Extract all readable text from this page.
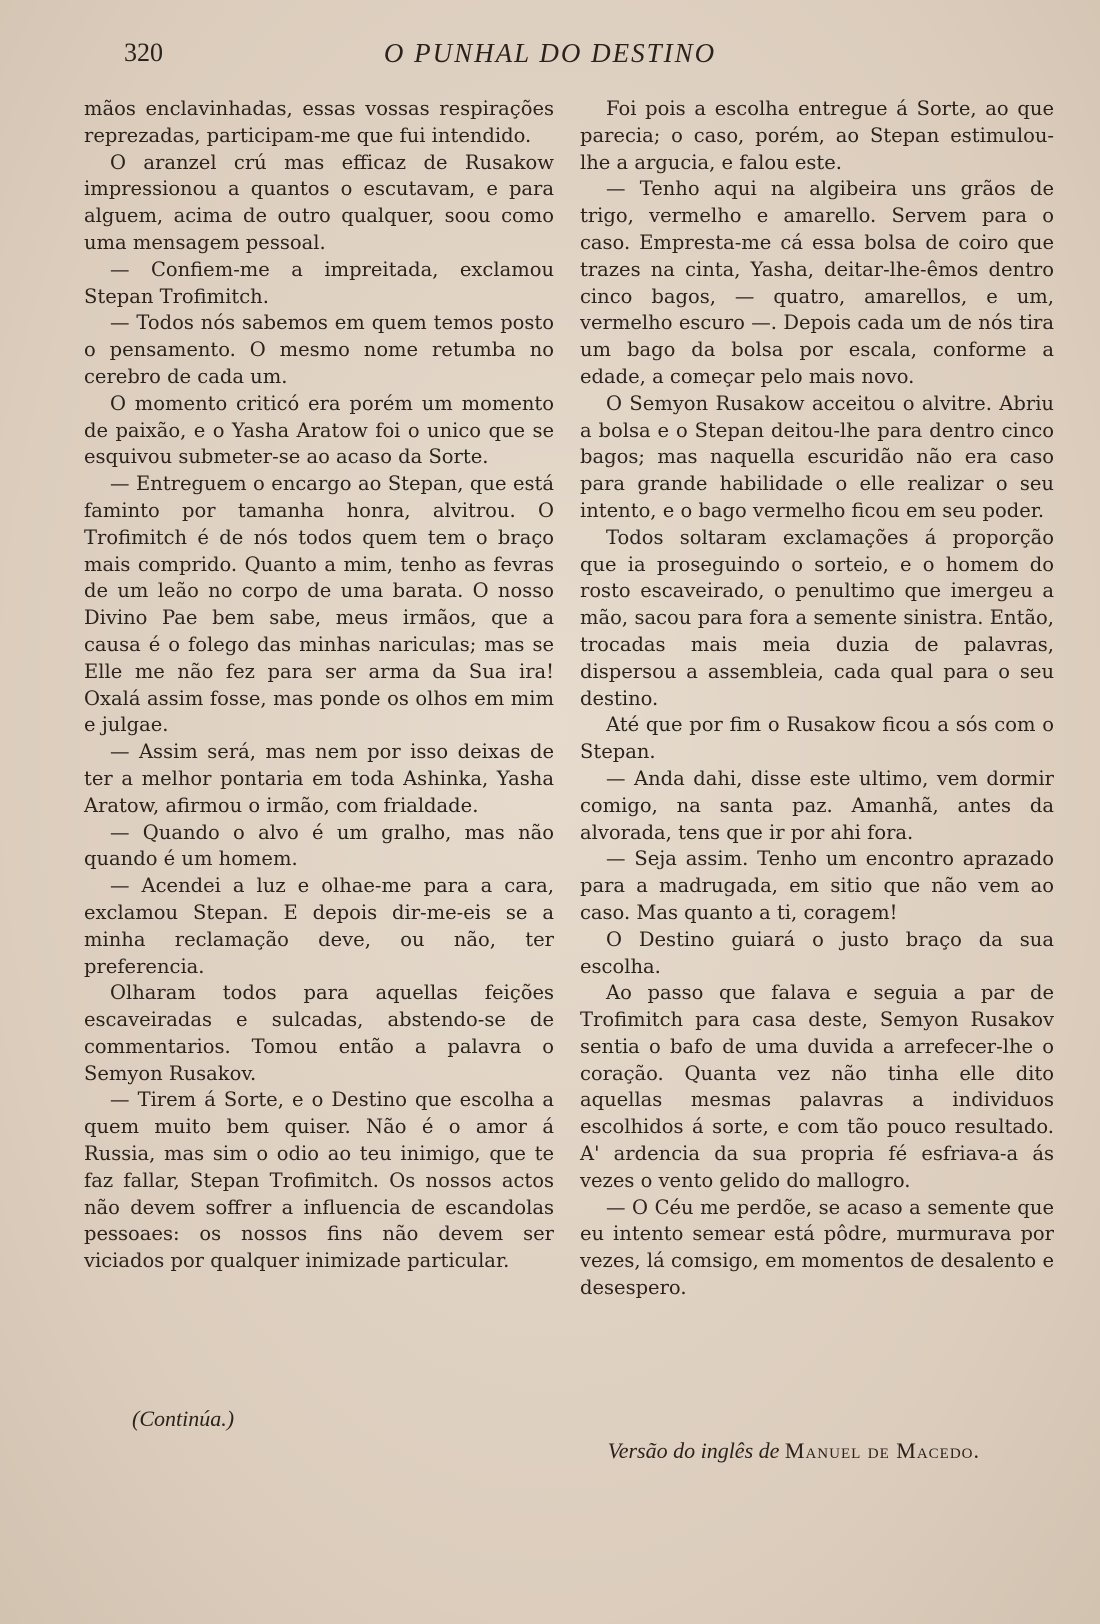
320	O PUNHAL DO DESTINO

mãos enclavinhadas, essas vossas respirações reprezadas, participam-me que fui intendido.

O aranzel crú mas efficaz de Rusakow impressionou a quantos o escutavam, e para alguem, acima de outro qualquer, soou como uma mensagem pessoal.

— Confiem-me a impreitada, exclamou Stepan Trofimitch.

— Todos nós sabemos em quem temos posto o pensamento. O mesmo nome retumba no cerebro de cada um.

O momento criticó era porém um momento de paixão, e o Yasha Aratow foi o unico que se esquivou submeter-se ao acaso da Sorte.

— Entreguem o encargo ao Stepan, que está faminto por tamanha honra, alvitrou. O Trofimitch é de nós todos quem tem o braço mais comprido. Quanto a mim, tenho as fevras de um leão no corpo de uma barata. O nosso Divino Pae bem sabe, meus irmãos, que a causa é o folego das minhas nariculas; mas se Elle me não fez para ser arma da Sua ira! Oxalá assim fosse, mas ponde os olhos em mim e julgae.

— Assim será, mas nem por isso deixas de ter a melhor pontaria em toda Ashinka, Yasha Aratow, afirmou o irmão, com frialdade.

— Quando o alvo é um gralho, mas não quando é um homem.

— Acendei a luz e olhae-me para a cara, exclamou Stepan. E depois dir-me-eis se a minha reclamação deve, ou não, ter preferencia.

Olharam todos para aquellas feições escaveiradas e sulcadas, abstendo-se de commentarios. Tomou então a palavra o Semyon Rusakov.

— Tirem á Sorte, e o Destino que escolha a quem muito bem quiser. Não é o amor á Russia, mas sim o odio ao teu inimigo, que te faz fallar, Stepan Trofimitch. Os nossos actos não devem soffrer a influencia de escandolas pessoaes: os nossos fins não devem ser viciados por qualquer inimizade particular.

Foi pois a escolha entregue á Sorte, ao que parecia; o caso, porém, ao Stepan estimulou-lhe a argucia, e falou este.

— Tenho aqui na algibeira uns grãos de trigo, vermelho e amarello. Servem para o caso. Empresta-me cá essa bolsa de coiro que trazes na cinta, Yasha, deitar-lhe-êmos dentro cinco bagos, — quatro, amarellos, e um, vermelho escuro —. Depois cada um de nós tira um bago da bolsa por escala, conforme a edade, a começar pelo mais novo.

O Semyon Rusakow acceitou o alvitre. Abriu a bolsa e o Stepan deitou-lhe para dentro cinco bagos; mas naquella escuridão não era caso para grande habilidade o elle realizar o seu intento, e o bago vermelho ficou em seu poder.

Todos soltaram exclamações á proporção que ia proseguindo o sorteio, e o homem do rosto escaveirado, o penultimo que imergeu a mão, sacou para fora a semente sinistra. Então, trocadas mais meia duzia de palavras, dispersou a assembleia, cada qual para o seu destino.

Até que por fim o Rusakow ficou a sós com o Stepan.

— Anda dahi, disse este ultimo, vem dormir comigo, na santa paz. Amanhã, antes da alvorada, tens que ir por ahi fora.

— Seja assim. Tenho um encontro aprazado para a madrugada, em sitio que não vem ao caso. Mas quanto a ti, coragem!

O Destino guiará o justo braço da sua escolha.

Ao passo que falava e seguia a par de Trofimitch para casa deste, Semyon Rusakov sentia o bafo de uma duvida a arrefecer-lhe o coração. Quanta vez não tinha elle dito aquellas mesmas palavras a individuos escolhidos á sorte, e com tão pouco resultado. A' ardencia da sua propria fé esfriava-a ás vezes o vento gelido do mallogro.

— O Céu me perdõe, se acaso a semente que eu intento semear está pôdre, murmurava por vezes, lá comsigo, em momentos de desalento e desespero.

(Continúa.)
Versão do inglês de Manuel de Macedo.
